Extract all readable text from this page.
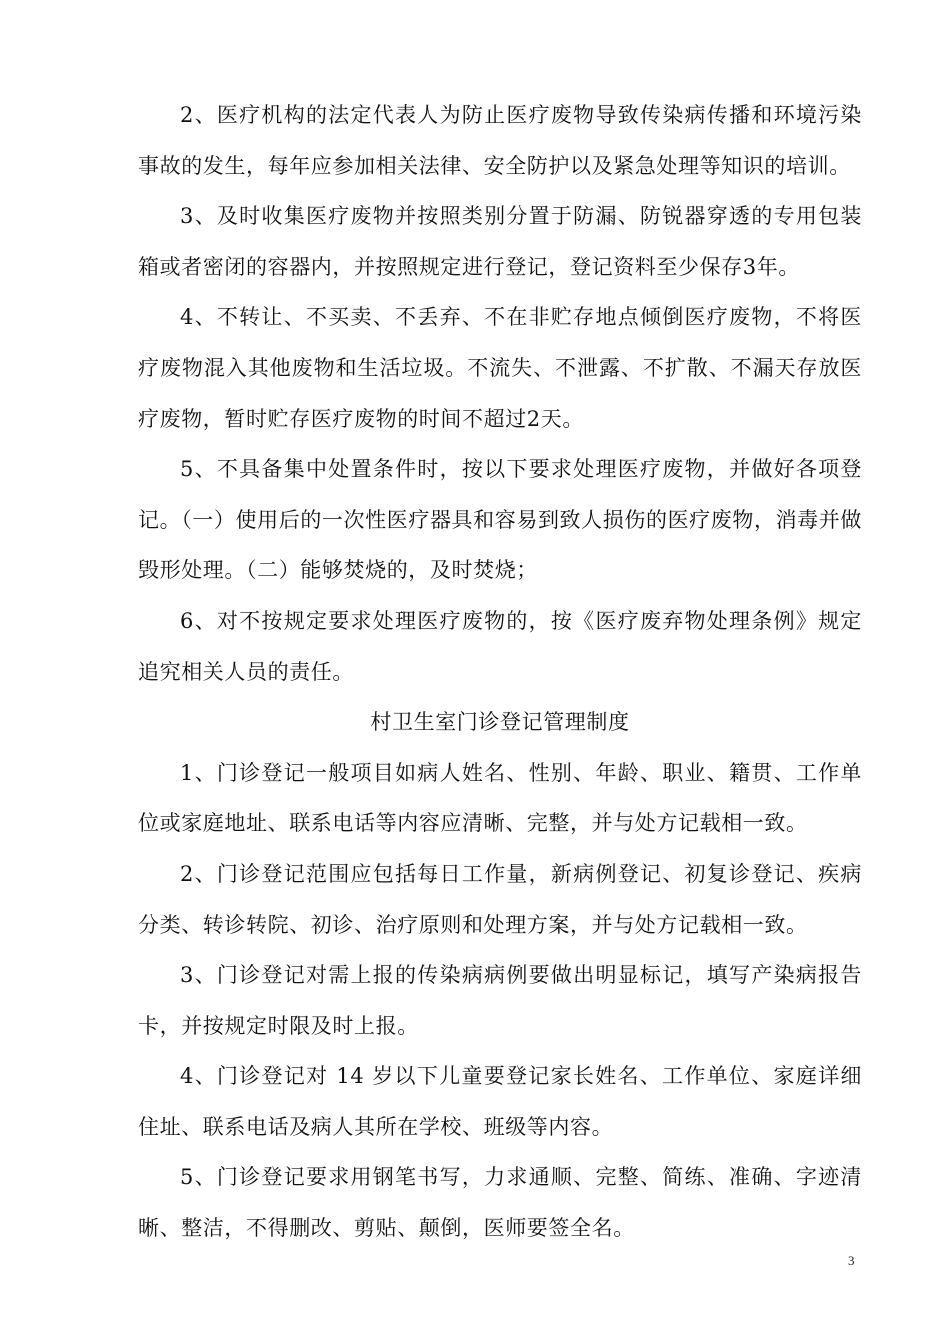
2、医疗机构的法定代表人为防止医疗废物导致传染病传播和环境污染事故的发生，每年应参加相关法律、安全防护以及紧急处理等知识的培训。

3、及时收集医疗废物并按照类别分置于防漏、防锐器穿透的专用包装箱或者密闭的容器内，并按照规定进行登记，登记资料至少保存3年。

4、不转让、不买卖、不丢弃、不在非贮存地点倾倒医疗废物，不将医疗废物混入其他废物和生活垃圾。不流失、不泄露、不扩散、不漏天存放医疗废物，暂时贮存医疗废物的时间不超过2天。

5、不具备集中处置条件时，按以下要求处理医疗废物，并做好各项登记。（一）使用后的一次性医疗器具和容易到致人损伤的医疗废物，消毒并做毁形处理。（二）能够焚烧的，及时焚烧；

6、对不按规定要求处理医疗废物的，按《医疗废弃物处理条例》规定追究相关人员的责任。

村卫生室门诊登记管理制度

1、门诊登记一般项目如病人姓名、性别、年龄、职业、籍贯、工作单位或家庭地址、联系电话等内容应清晰、完整，并与处方记载相一致。

2、门诊登记范围应包括每日工作量，新病例登记、初复诊登记、疾病分类、转诊转院、初诊、治疗原则和处理方案，并与处方记载相一致。

3、门诊登记对需上报的传染病病例要做出明显标记，填写产染病报告卡，并按规定时限及时上报。

4、门诊登记对 14 岁以下儿童要登记家长姓名、工作单位、家庭详细住址、联系电话及病人其所在学校、班级等内容。

5、门诊登记要求用钢笔书写，力求通顺、完整、简练、准确、字迹清晰、整洁，不得删改、剪贴、颠倒，医师要签全名。

3
